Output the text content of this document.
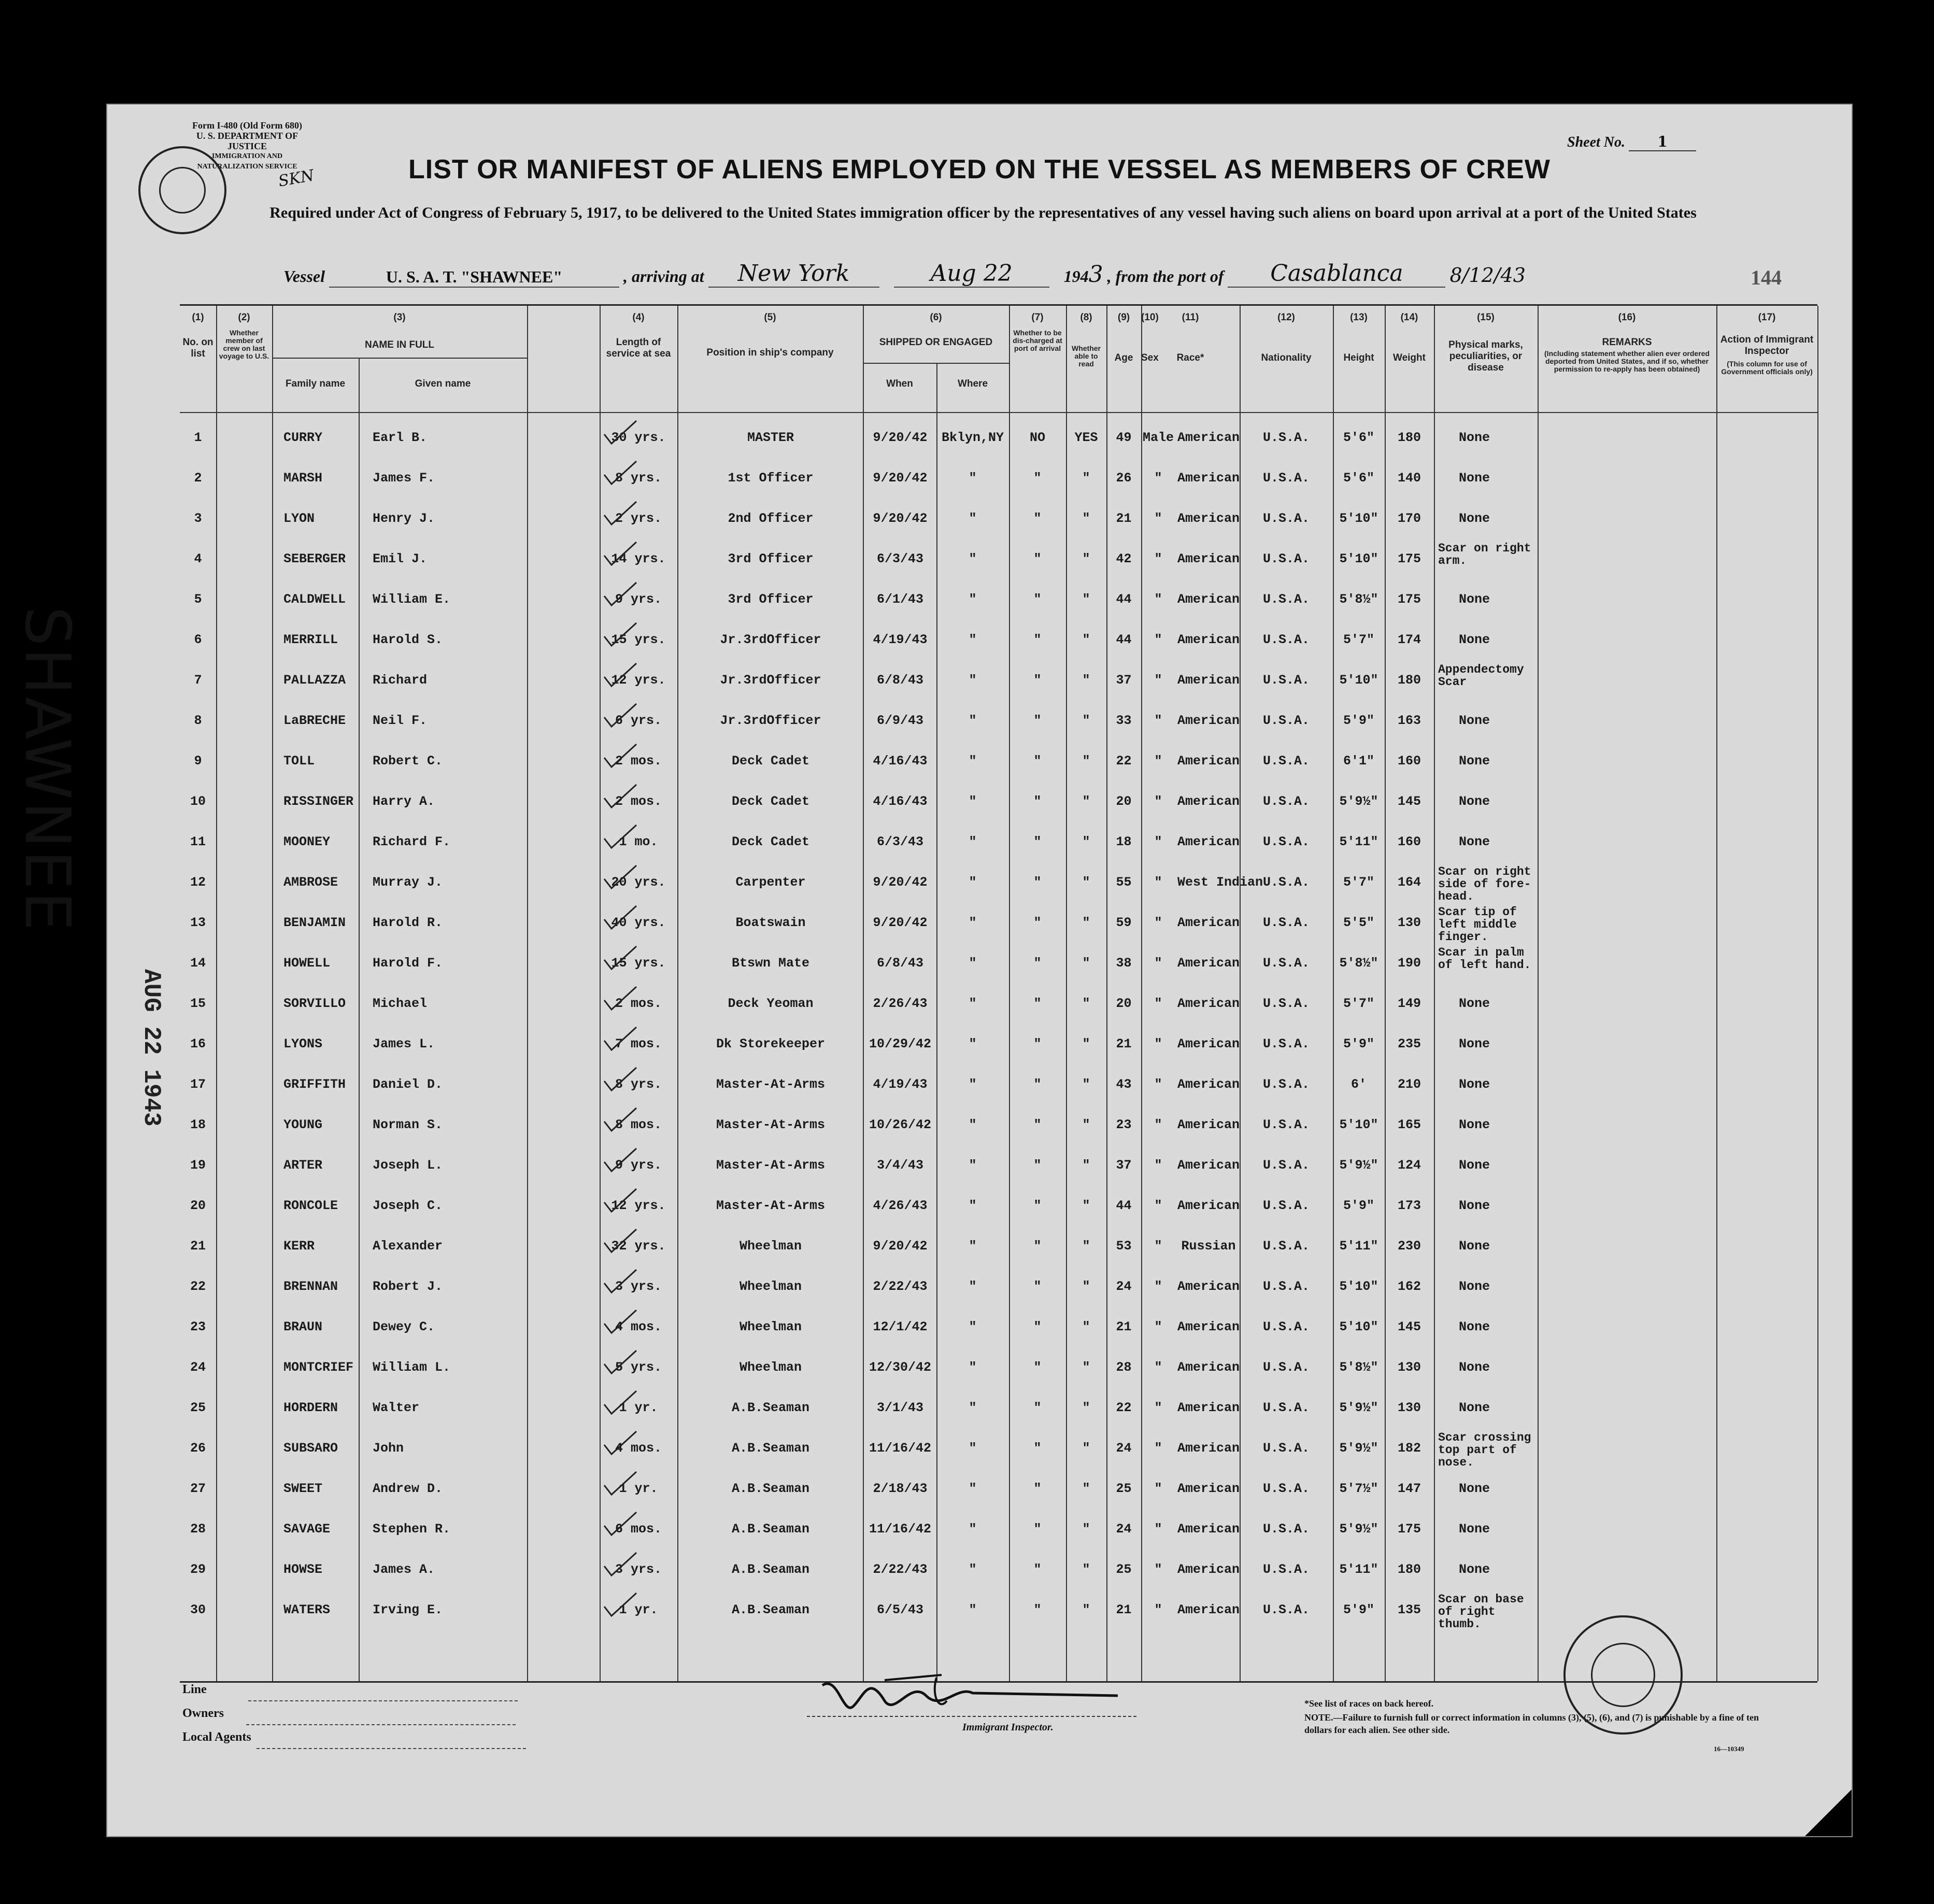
Form I-480 (Old Form 680)
U. S. DEPARTMENT OF JUSTICE
IMMIGRATION AND NATURALIZATION SERVICE
SKN
Sheet No. 1
LIST OR MANIFEST OF ALIENS EMPLOYED ON THE VESSEL AS MEMBERS OF CREW
Required under Act of Congress of February 5, 1917, to be delivered to the United States immigration officer by the representatives of any vessel having such aliens on board upon arrival at a port of the United States
Vessel	U. S. A. T. "SHAWNEE"	, arriving at New York	Aug 22	1943 , from the port of Casablanca 8/12/43	144
(1)	(2)	(3)	(4)	(5)	(6)	(7)	(8)	(9)	(10)	(11)	(12)	(13)	(14)	(15)	(16)	(17)
No. on list
Whether member of crew on last voyage to U.S.
NAME IN FULL
Family name	Given name
Length of service at sea	Position in ship's company
SHIPPED OR ENGAGED
When	Where
Whether to be dis-charged at port of arrival	Whether able to read
Age Sex	Race*	Nationality	Height	Weight
Physical marks, peculiarities, or disease
REMARKS
(Including statement whether alien ever ordered deported from United States, and if so, whether permission to re-apply has been obtained)
Action of Immigrant Inspector
(This column for use of Government officials only)
1	CURRY	Earl B.	30 yrs.	MASTER	9/20/42	Bklyn,NY	NO	YES	49 Male American	U.S.A.	5'6"	180	None
2	MARSH	James F.	8 yrs.	1st Officer	9/20/42	"	"	"	26	"	American	U.S.A.	5'6"	140	None
3	LYON	Henry J.	2 yrs.	2nd Officer	9/20/42	"	"	"	21	"	American	U.S.A.	5'10"	170	None
4	SEBERGER	Emil J.	14 yrs.	3rd Officer	6/3/43	"	"	"	42	"	American	U.S.A.	5'10"	175
Scar on right arm.
5	CALDWELL	William E.	9 yrs.	3rd Officer	6/1/43	"	"	"	44	"	American	U.S.A.	5'8½"	175	None
6	MERRILL	Harold S.	15 yrs.	Jr.3rdOfficer	4/19/43	"	"	"	44	"	American	U.S.A.	5'7"	174	None
7	PALLAZZA	Richard	12 yrs.	Jr.3rdOfficer	6/8/43	"	"	"	37	"	American	U.S.A.	5'10"	180
Appendectomy Scar
8	LaBRECHE	Neil F.	6 yrs.	Jr.3rdOfficer	6/9/43	"	"	"	33	"	American	U.S.A.	5'9"	163	None
9	TOLL	Robert C.	2 mos.	Deck Cadet	4/16/43	"	"	"	22	"	American	U.S.A.	6'1"	160	None
10	RISSINGER Harry A.	2 mos.	Deck Cadet	4/16/43	"	"	"	20	"	American	U.S.A.	5'9½"	145	None
11	MOONEY	Richard F.	1 mo.	Deck Cadet	6/3/43	"	"	"	18	"	American	U.S.A.	5'11"	160	None
12	AMBROSE	Murray J.	20 yrs.	Carpenter	9/20/42	"	"	"	55	"	West Indian U.S.A.	5'7"	164
Scar on right side of fore-head.
13	BENJAMIN	Harold R.	40 yrs.	Boatswain	9/20/42	"	"	"	59	"	American	U.S.A.	5'5"	130
Scar tip of left middle finger.
14	HOWELL	Harold F.	15 yrs.	Btswn Mate	6/8/43	"	"	"	38	"	American	U.S.A.	5'8½"	190
Scar in palm of left hand.
15	SORVILLO	Michael	2 mos.	Deck Yeoman	2/26/43	"	"	"	20	"	American	U.S.A.	5'7"	149	None
16	LYONS	James L.	7 mos.	Dk Storekeeper	10/29/42	"	"	"	21	"	American	U.S.A.	5'9"	235	None
17	GRIFFITH	Daniel D.	8 yrs.	Master-At-Arms	4/19/43	"	"	"	43	"	American	U.S.A.	6'	210	None
18	YOUNG	Norman S.	8 mos.	Master-At-Arms	10/26/42	"	"	"	23	"	American	U.S.A.	5'10"	165	None
19	ARTER	Joseph L.	9 yrs.	Master-At-Arms	3/4/43	"	"	"	37	"	American	U.S.A.	5'9½"	124	None
20	RONCOLE	Joseph C.	12 yrs.	Master-At-Arms	4/26/43	"	"	"	44	"	American	U.S.A.	5'9"	173	None
21	KERR	Alexander	32 yrs.	Wheelman	9/20/42	"	"	"	53	"	Russian	U.S.A.	5'11"	230	None
22	BRENNAN	Robert J.	3 yrs.	Wheelman	2/22/43	"	"	"	24	"	American	U.S.A.	5'10"	162	None
23	BRAUN	Dewey C.	4 mos.	Wheelman	12/1/42	"	"	"	21	"	American	U.S.A.	5'10"	145	None
24	MONTCRIEF William L.	5 yrs.	Wheelman	12/30/42	"	"	"	28	"	American	U.S.A.	5'8½"	130	None
25	HORDERN	Walter	1 yr.	A.B.Seaman	3/1/43	"	"	"	22	"	American	U.S.A.	5'9½"	130	None
26	SUBSARO	John	4 mos.	A.B.Seaman	11/16/42	"	"	"	24	"	American	U.S.A.	5'9½"	182
Scar crossing top part of nose.
27	SWEET	Andrew D.	1 yr.	A.B.Seaman	2/18/43	"	"	"	25	"	American	U.S.A.	5'7½"	147	None
28	SAVAGE	Stephen R.	6 mos.	A.B.Seaman	11/16/42	"	"	"	24	"	American	U.S.A.	5'9½"	175	None
29	HOWSE	James A.	3 yrs.	A.B.Seaman	2/22/43	"	"	"	25	"	American	U.S.A.	5'11"	180	None
30	WATERS	Irving E.	1 yr.	A.B.Seaman	6/5/43	"	"	"	21	"	American	U.S.A.	5'9"	135
Scar on base of right thumb.
Line
Owners
Local Agents
Immigrant Inspector.
*See list of races on back hereof.
NOTE.—Failure to furnish full or correct information in columns (3), (5), (6), and (7) is punishable by a fine of ten dollars for each alien. See other side.
16—10349
SHAWNEE
AUG 22 1943
